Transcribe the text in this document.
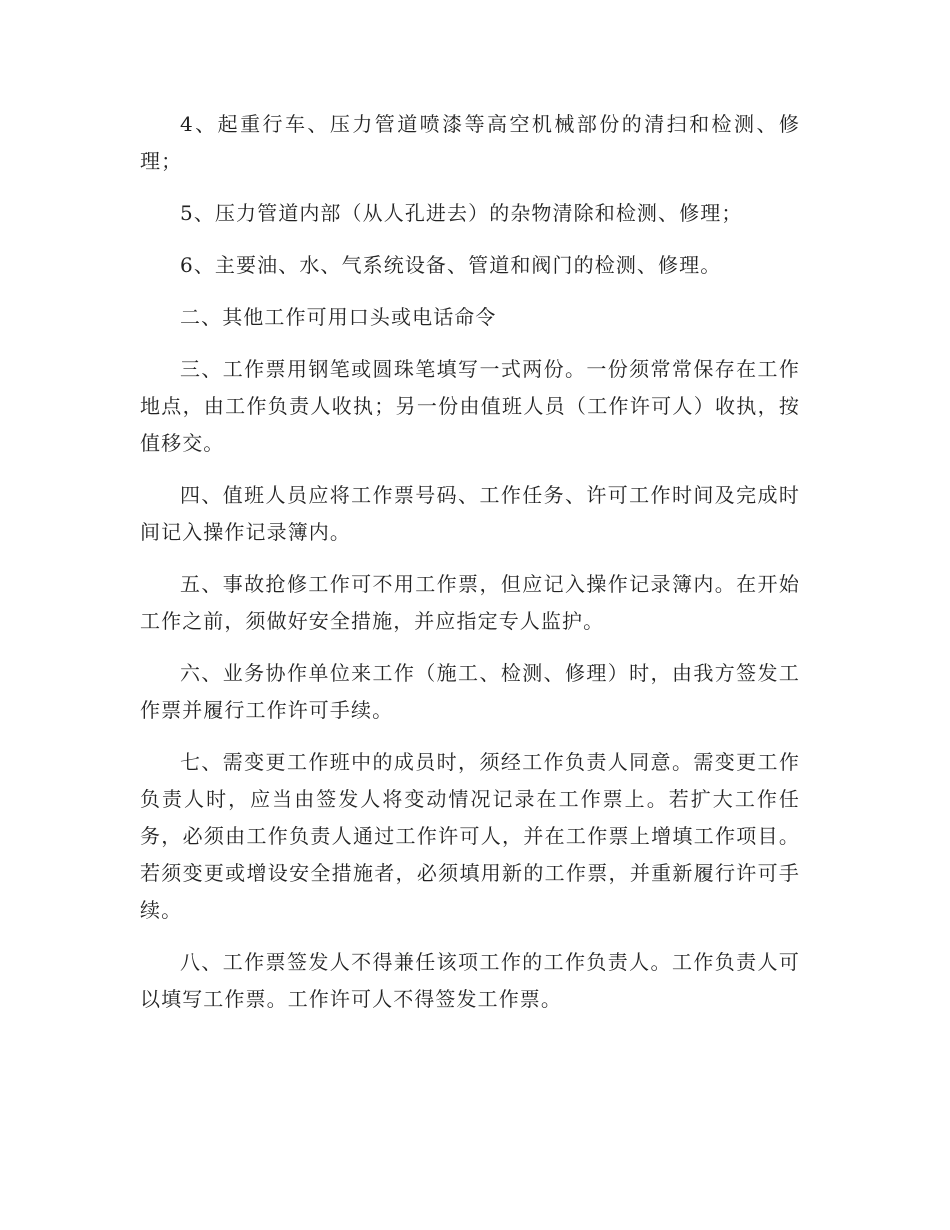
4、起重行车、压力管道喷漆等高空机械部份的清扫和检测、修理；

5、压力管道内部（从人孔进去）的杂物清除和检测、修理；

6、主要油、水、气系统设备、管道和阀门的检测、修理。

二、其他工作可用口头或电话命令

三、工作票用钢笔或圆珠笔填写一式两份。一份须常常保存在工作地点，由工作负责人收执；另一份由值班人员（工作许可人）收执，按值移交。

四、值班人员应将工作票号码、工作任务、许可工作时间及完成时间记入操作记录簿内。

五、事故抢修工作可不用工作票，但应记入操作记录簿内。在开始工作之前，须做好安全措施，并应指定专人监护。

六、业务协作单位来工作（施工、检测、修理）时，由我方签发工作票并履行工作许可手续。

七、需变更工作班中的成员时，须经工作负责人同意。需变更工作负责人时，应当由签发人将变动情况记录在工作票上。若扩大工作任务，必须由工作负责人通过工作许可人，并在工作票上增填工作项目。若须变更或增设安全措施者，必须填用新的工作票，并重新履行许可手续。

八、工作票签发人不得兼任该项工作的工作负责人。工作负责人可以填写工作票。工作许可人不得签发工作票。
